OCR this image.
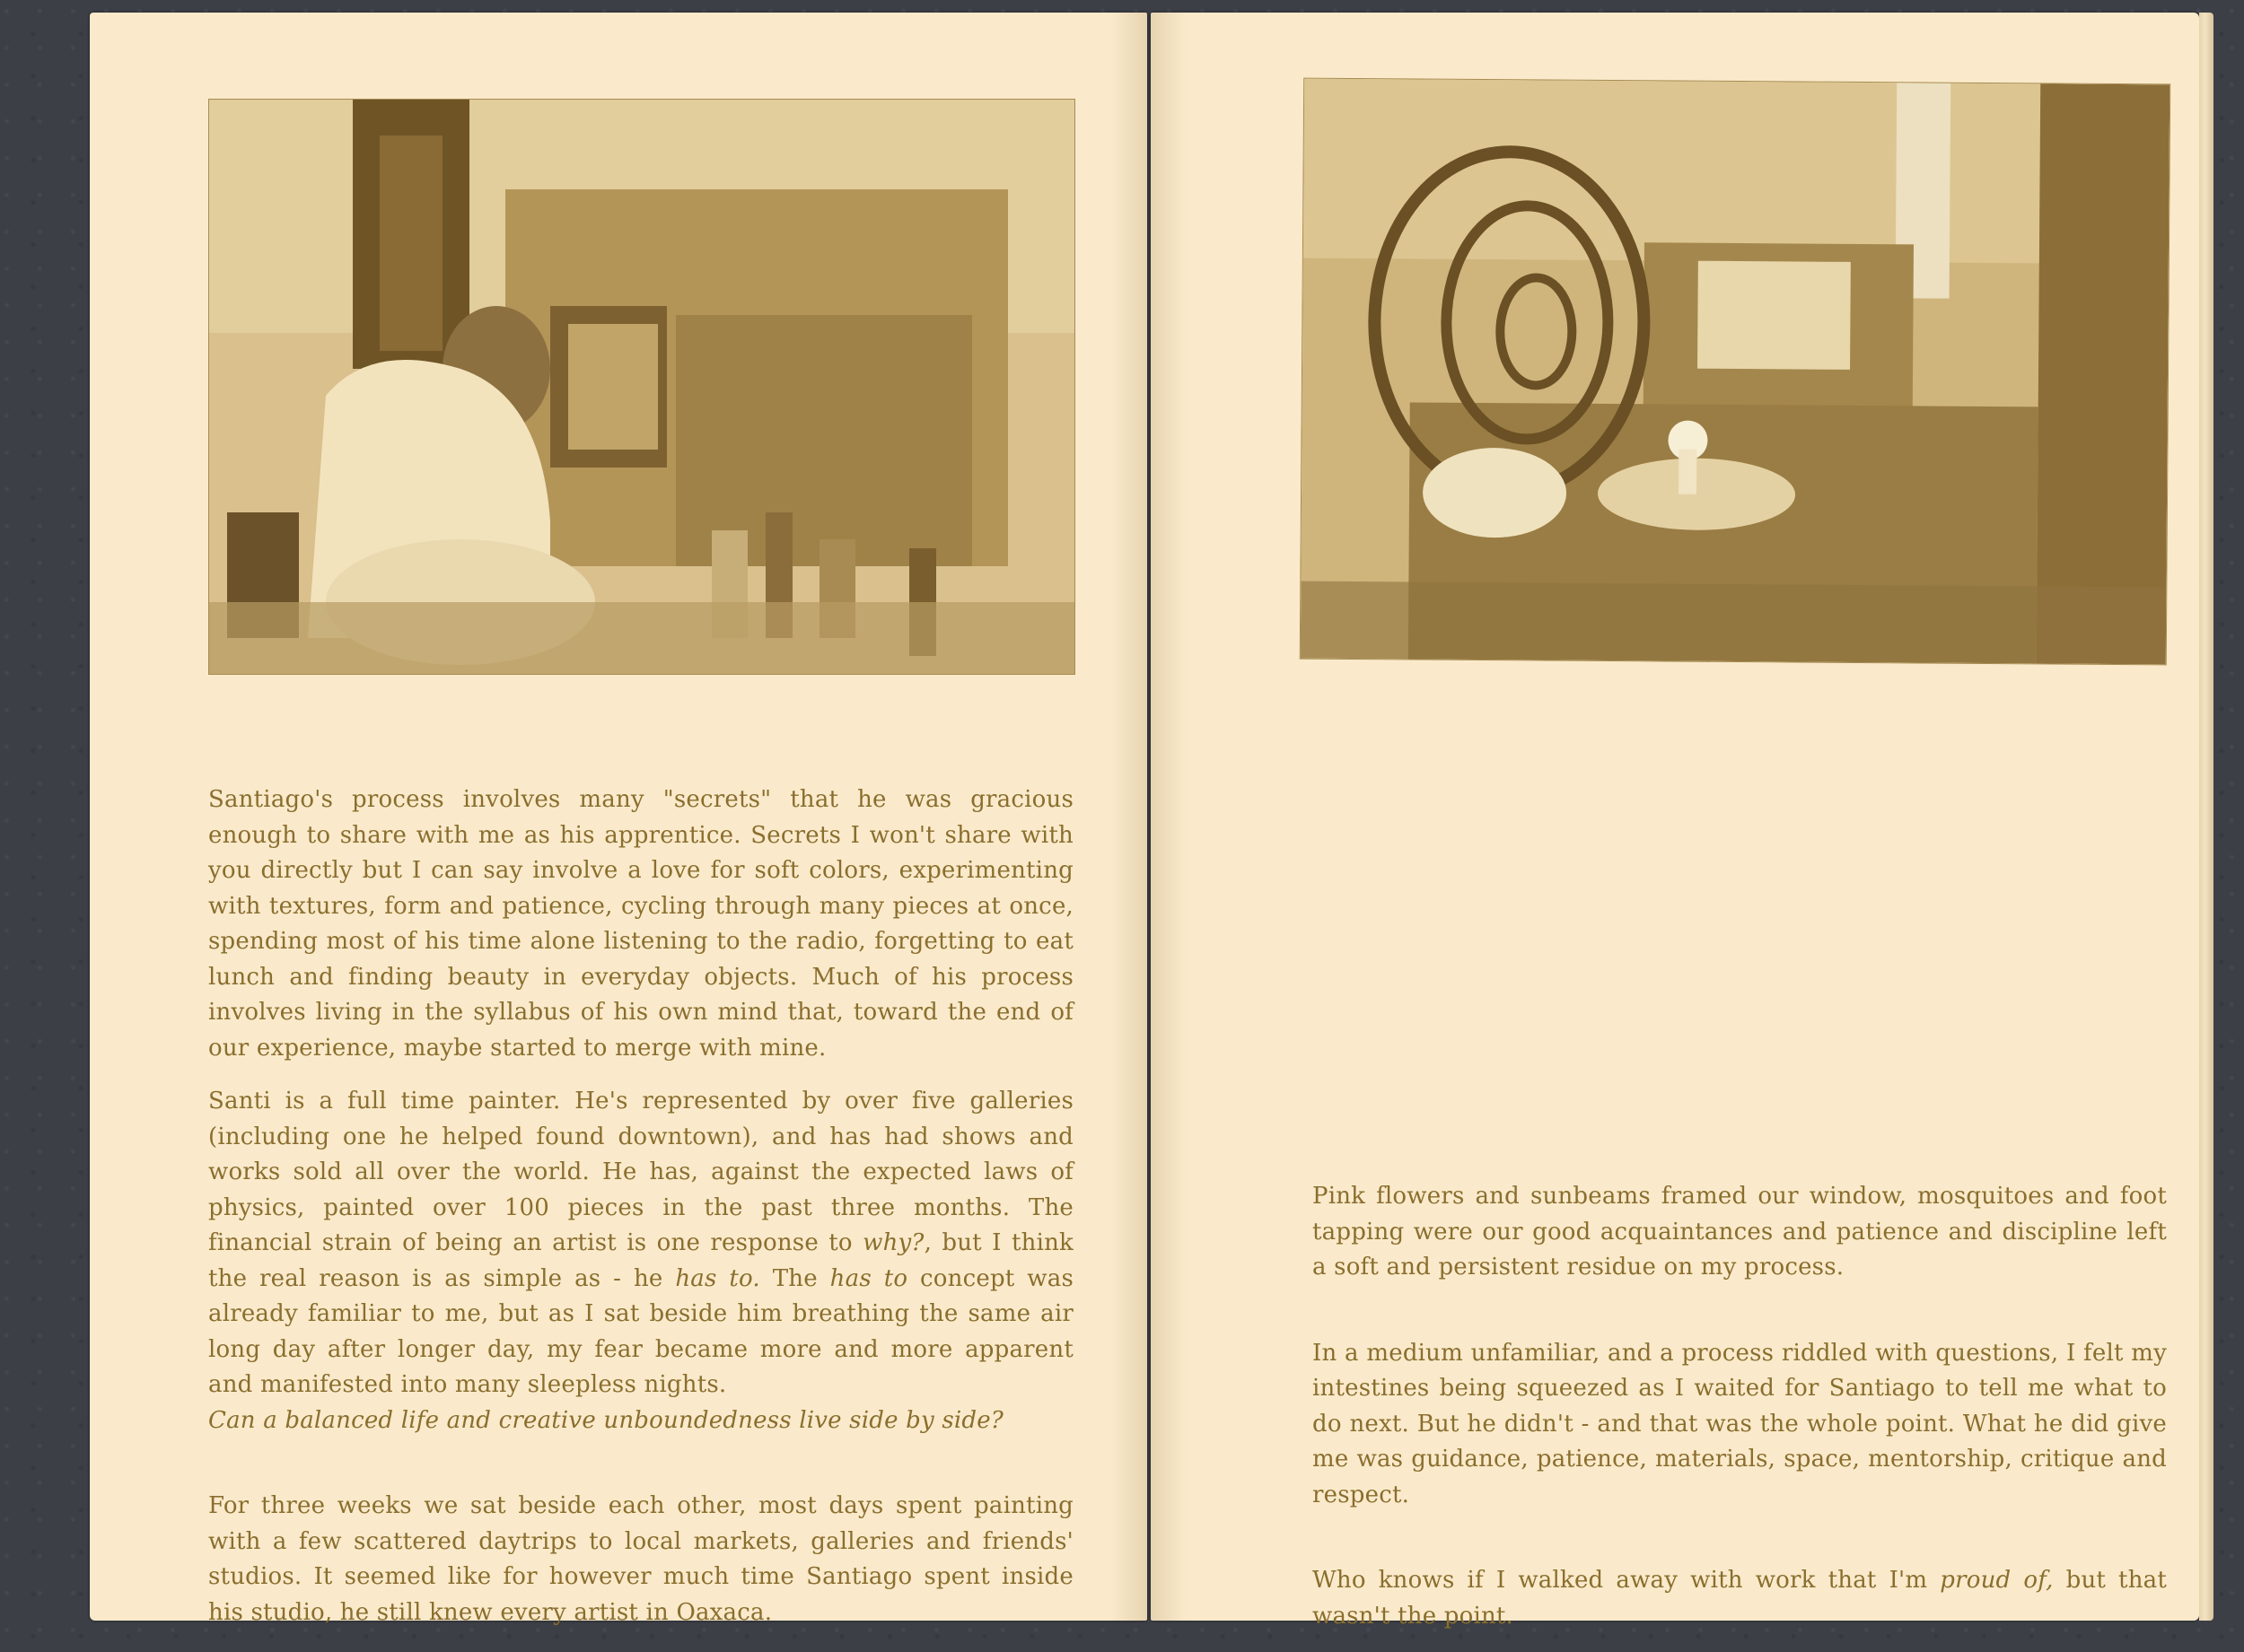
Santiago's process involves many "secrets" that he was gracious enough to share with me as his apprentice. Secrets I won't share with you directly but I can say involve a love for soft colors, experimenting with textures, form and patience, cycling through many pieces at once, spending most of his time alone listening to the radio, forgetting to eat lunch and finding beauty in everyday objects. Much of his process involves living in the syllabus of his own mind that, toward the end of our experience, maybe started to merge with mine.

Santi is a full time painter. He's represented by over five galleries (including one he helped found downtown), and has had shows and works sold all over the world. He has, against the expected laws of physics, painted over 100 pieces in the past three months. The financial strain of being an artist is one response to why?, but I think the real reason is as simple as - he has to. The has to concept was already familiar to me, but as I sat beside him breathing the same air long day after longer day, my fear became more and more apparent and manifested into many sleepless nights.
Can a balanced life and creative unboundedness live side by side?

For three weeks we sat beside each other, most days spent painting with a few scattered daytrips to local markets, galleries and friends' studios. It seemed like for however much time Santiago spent inside his studio, he still knew every artist in Oaxaca.

Pink flowers and sunbeams framed our window, mosquitoes and foot tapping were our good acquaintances and patience and discipline left a soft and persistent residue on my process.

In a medium unfamiliar, and a process riddled with questions, I felt my intestines being squeezed as I waited for Santiago to tell me what to do next. But he didn't - and that was the whole point. What he did give me was guidance, patience, materials, space, mentorship, critique and respect.

Who knows if I walked away with work that I'm proud of, but that wasn't the point.
